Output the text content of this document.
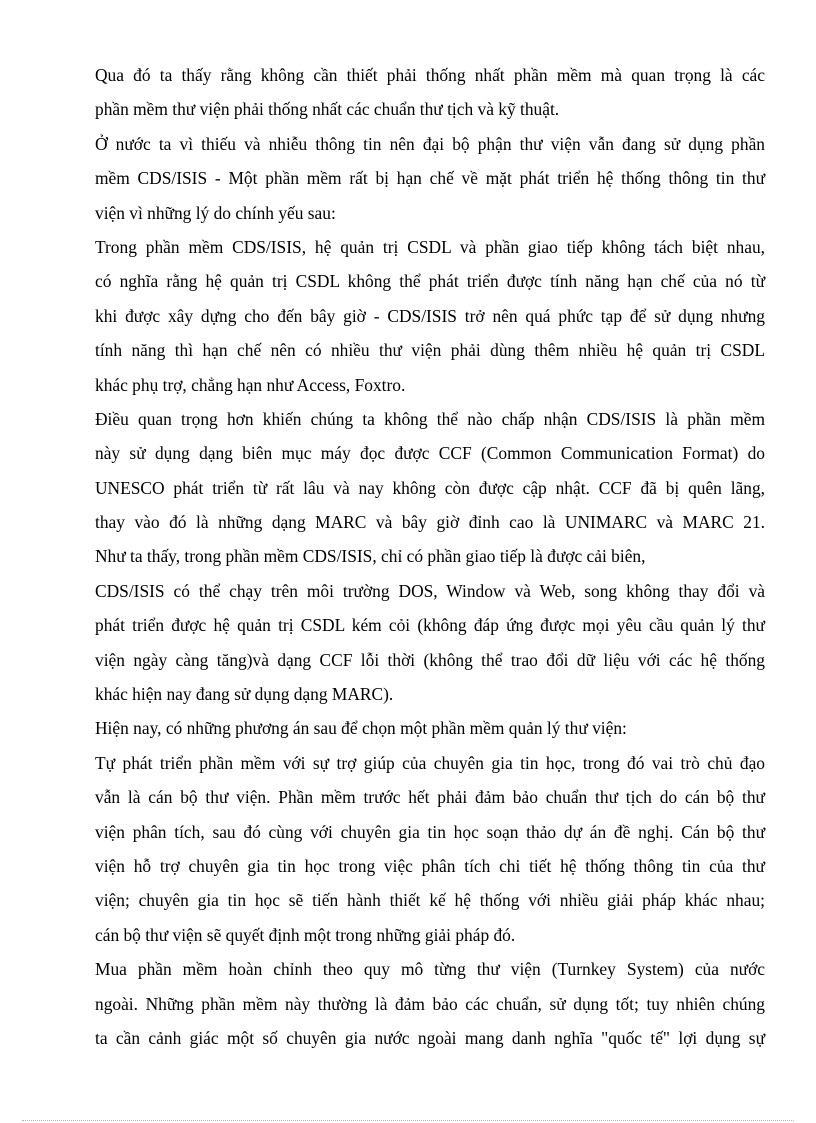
Qua đó ta thấy rằng không cần thiết phải thống nhất phần mềm mà quan trọng là các
phần mềm thư viện phải thống nhất các chuẩn thư tịch và kỹ thuật.
Ở nước ta vì thiếu và nhiễu thông tin nên đại bộ phận thư viện vẫn đang sử dụng phần
mềm CDS/ISIS - Một phần mềm rất bị hạn chế về mặt phát triển hệ thống thông tin thư
viện vì những lý do chính yếu sau:
Trong phần mềm CDS/ISIS, hệ quản trị CSDL và phần giao tiếp không tách biệt nhau,
có nghĩa rằng hệ quản trị CSDL không thể phát triển được tính năng hạn chế của nó từ
khi được xây dựng cho đến bây giờ - CDS/ISIS trở nên quá phức tạp để sử dụng nhưng
tính năng thì hạn chế nên có nhiều thư viện phải dùng thêm nhiều hệ quản trị CSDL
khác phụ trợ, chẳng hạn như Access, Foxtro.
Điều quan trọng hơn khiến chúng ta không thể nào chấp nhận CDS/ISIS là phần mềm
này sử dụng dạng biên mục máy đọc được CCF (Common Communication Format) do
UNESCO phát triển từ rất lâu và nay không còn được cập nhật. CCF đã bị quên lãng,
thay vào đó là những dạng MARC và bây giờ đỉnh cao là UNIMARC và MARC 21.
Như ta thấy, trong phần mềm CDS/ISIS, chỉ có phần giao tiếp là được cải biên,
CDS/ISIS có thể chạy trên môi trường DOS, Window và Web, song không thay đổi và
phát triển được hệ quản trị CSDL kém cỏi (không đáp ứng được mọi yêu cầu quản lý thư
viện ngày càng tăng)và dạng CCF lỗi thời (không thể trao đổi dữ liệu với các hệ thống
khác hiện nay đang sử dụng dạng MARC).
Hiện nay, có những phương án sau để chọn một phần mềm quản lý thư viện:
Tự phát triển phần mềm với sự trợ giúp của chuyên gia tin học, trong đó vai trò chủ đạo
vẫn là cán bộ thư viện. Phần mềm trước hết phải đảm bảo chuẩn thư tịch do cán bộ thư
viện phân tích, sau đó cùng với chuyên gia tin học soạn thảo dự án đề nghị. Cán bộ thư
viện hỗ trợ chuyên gia tin học trong việc phân tích chi tiết hệ thống thông tin của thư
viện; chuyên gia tin học sẽ tiến hành thiết kế hệ thống với nhiều giải pháp khác nhau;
cán bộ thư viện sẽ quyết định một trong những giải pháp đó.
Mua phần mềm hoàn chỉnh theo quy mô từng thư viện (Turnkey System) của nước
ngoài. Những phần mềm này thường là đảm bảo các chuẩn, sử dụng tốt; tuy nhiên chúng
ta cần cảnh giác một số chuyên gia nước ngoài mang danh nghĩa "quốc tế" lợi dụng sự
